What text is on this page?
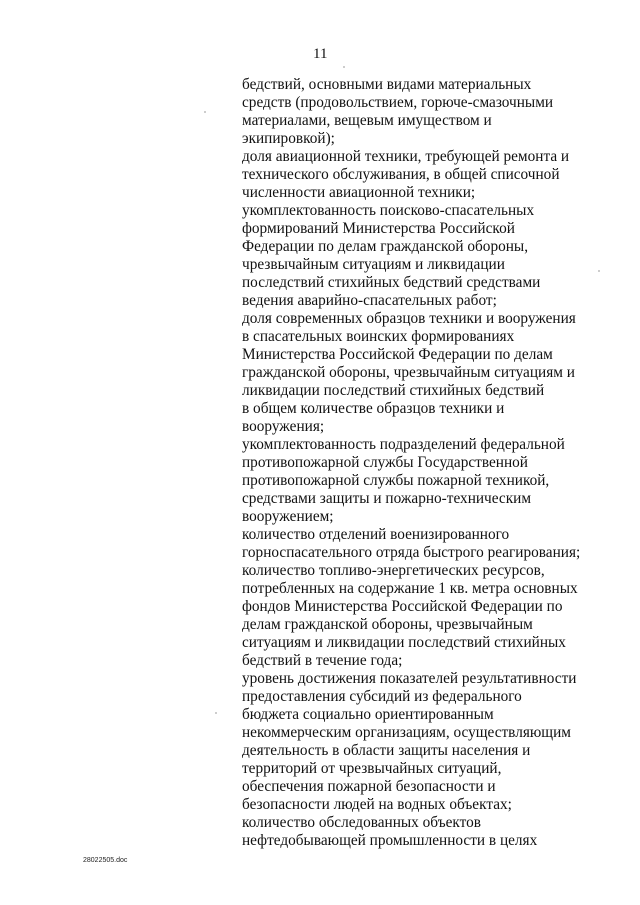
11
бедствий, основными видами материальных
средств (продовольствием, горюче-смазочными
материалами, вещевым имуществом и
экипировкой);
доля авиационной техники, требующей ремонта и
технического обслуживания, в общей списочной
численности авиационной техники;
укомплектованность поисково-спасательных
формирований Министерства Российской
Федерации по делам гражданской обороны,
чрезвычайным ситуациям и ликвидации
последствий стихийных бедствий средствами
ведения аварийно-спасательных работ;
доля современных образцов техники и вооружения
в спасательных воинских формированиях
Министерства Российской Федерации по делам
гражданской обороны, чрезвычайным ситуациям и
ликвидации последствий стихийных бедствий
в общем количестве образцов техники и
вооружения;
укомплектованность подразделений федеральной
противопожарной службы Государственной
противопожарной службы пожарной техникой,
средствами защиты и пожарно-техническим
вооружением;
количество отделений военизированного
горноспасательного отряда быстрого реагирования;
количество топливо-энергетических ресурсов,
потребленных на содержание 1 кв. метра основных
фондов Министерства Российской Федерации по
делам гражданской обороны, чрезвычайным
ситуациям и ликвидации последствий стихийных
бедствий в течение года;
уровень достижения показателей результативности
предоставления субсидий из федерального
бюджета социально ориентированным
некоммерческим организациям, осуществляющим
деятельность в области защиты населения и
территорий от чрезвычайных ситуаций,
обеспечения пожарной безопасности и
безопасности людей на водных объектах;
количество обследованных объектов
нефтедобывающей промышленности в целях
28022505.doc
